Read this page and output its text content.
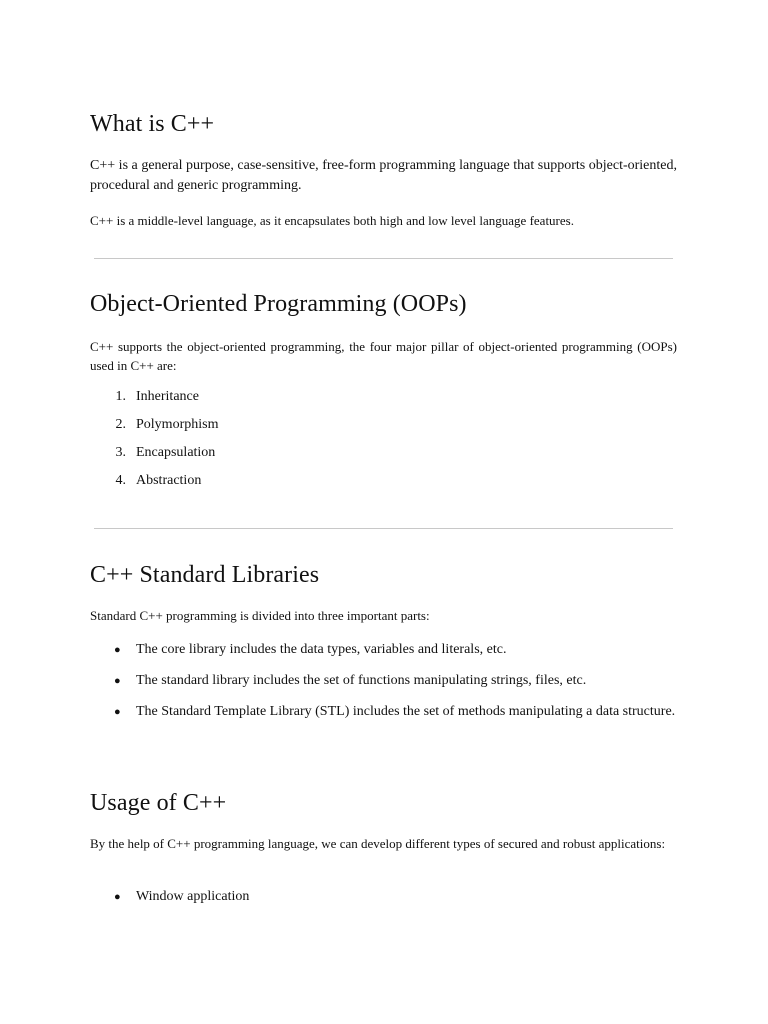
What is C++

C++ is a general purpose, case-sensitive, free-form programming language that supports object-oriented, procedural and generic programming.

C++ is a middle-level language, as it encapsulates both high and low level language features.

Object-Oriented Programming (OOPs)

C++ supports the object-oriented programming, the four major pillar of object-oriented programming (OOPs) used in C++ are:

1. Inheritance
2. Polymorphism
3. Encapsulation
4. Abstraction
C++ Standard Libraries

Standard C++ programming is divided into three important parts:

● The core library includes the data types, variables and literals, etc.
● The standard library includes the set of functions manipulating strings, files, etc.
● The Standard Template Library (STL) includes the set of methods manipulating a data structure.
Usage of C++

By the help of C++ programming language, we can develop different types of secured and robust applications:

● Window application
